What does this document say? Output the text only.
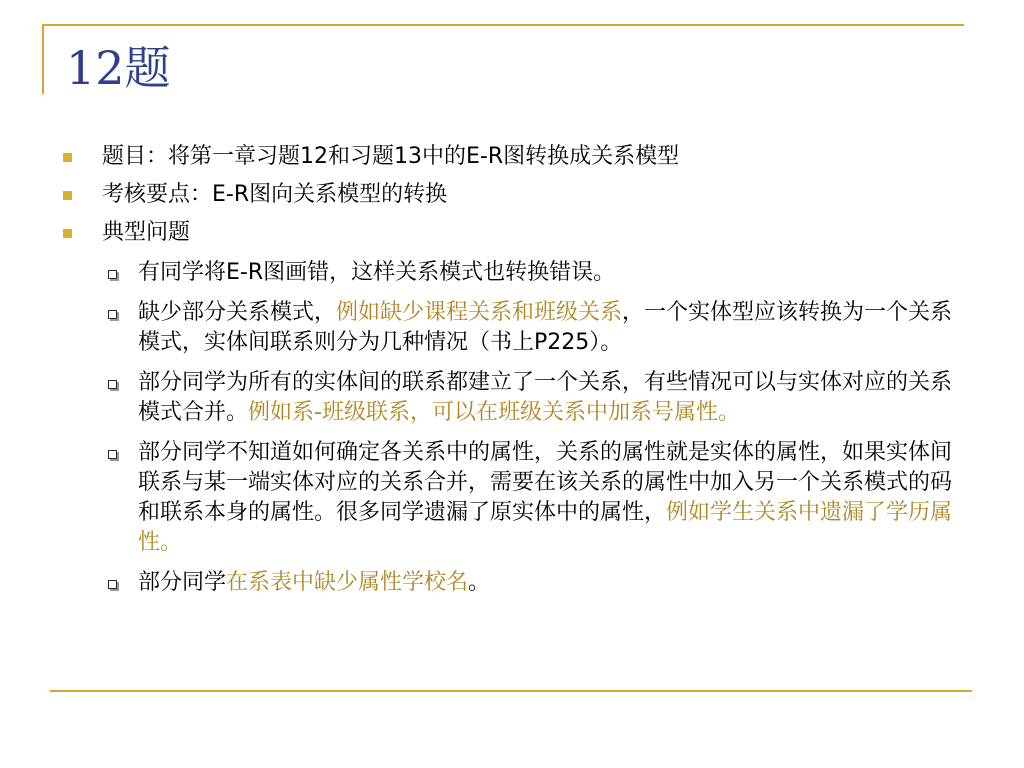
12题
题目：将第一章习题12和习题13中的E-R图转换成关系模型
考核要点：E-R图向关系模型的转换
典型问题
有同学将E-R图画错，这样关系模式也转换错误。
缺少部分关系模式，例如缺少课程关系和班级关系，一个实体型应该转换为一个关系模式，实体间联系则分为几种情况（书上P225）。
部分同学为所有的实体间的联系都建立了一个关系，有些情况可以与实体对应的关系模式合并。例如系-班级联系，可以在班级关系中加系号属性。
部分同学不知道如何确定各关系中的属性，关系的属性就是实体的属性，如果实体间联系与某一端实体对应的关系合并，需要在该关系的属性中加入另一个关系模式的码和联系本身的属性。很多同学遗漏了原实体中的属性，例如学生关系中遗漏了学历属性。
部分同学在系表中缺少属性学校名。
